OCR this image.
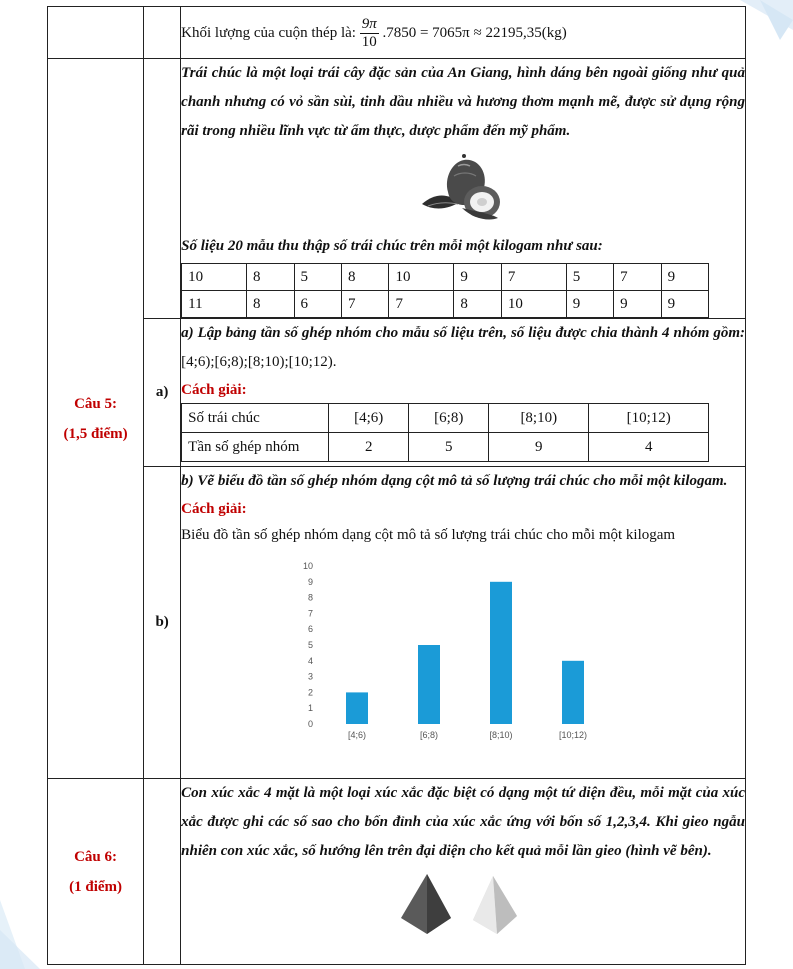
		Khối lượng của cuộn thép là: $\frac{9\pi}{10} .7850 = 7065\pi \approx 22195,35(kg)$

Câu 5:
(1,5 điểm)

Trái chúc là một loại trái cây đặc sản của An Giang, hình dáng bên ngoài giống như quả chanh nhưng có vỏ sần sùi, tinh dầu nhiều và hương thơm mạnh mẽ, được sử dụng rộng rãi trong nhiều lĩnh vực từ ẩm thực, dược phẩm đến mỹ phẩm.
Số liệu 20 mẫu thu thập số trái chúc trên mỗi một kilogam như sau:
10	8	5	8	10	9	7	5	7	9
11	8	6	7	7	8	10	9	9	9

a)	
a) Lập bảng tần số ghép nhóm cho mẫu số liệu trên, số liệu được chia thành 4 nhóm gồm: [4;6);[6;8);[8;10);[10;12).
Cách giải:
Số trái chúc	[4;6)	[6;8)	[8;10)	[10;12)
Tần số ghép nhóm	2	5	9	4

b)	
b) Vẽ biểu đồ tần số ghép nhóm dạng cột mô tả số lượng trái chúc cho mỗi một kilogam.
Cách giải:
Biểu đồ tần số ghép nhóm dạng cột mô tả số lượng trái chúc cho mỗi một kilogam
0
1
2
3
4
5
6
7
8
9
10
[4;6)	[6;8)	[8;10)	[10;12)

Câu 6:
(1 điểm)

Con xúc xắc 4 mặt là một loại xúc xắc đặc biệt có dạng một tứ diện đều, mỗi mặt của xúc xắc được ghi các số sao cho bốn đỉnh của xúc xắc ứng với bốn số 1,2,3,4. Khi gieo ngẫu nhiên con xúc xắc, số hướng lên trên đại diện cho kết quả mỗi lần gieo (hình vẽ bên).
